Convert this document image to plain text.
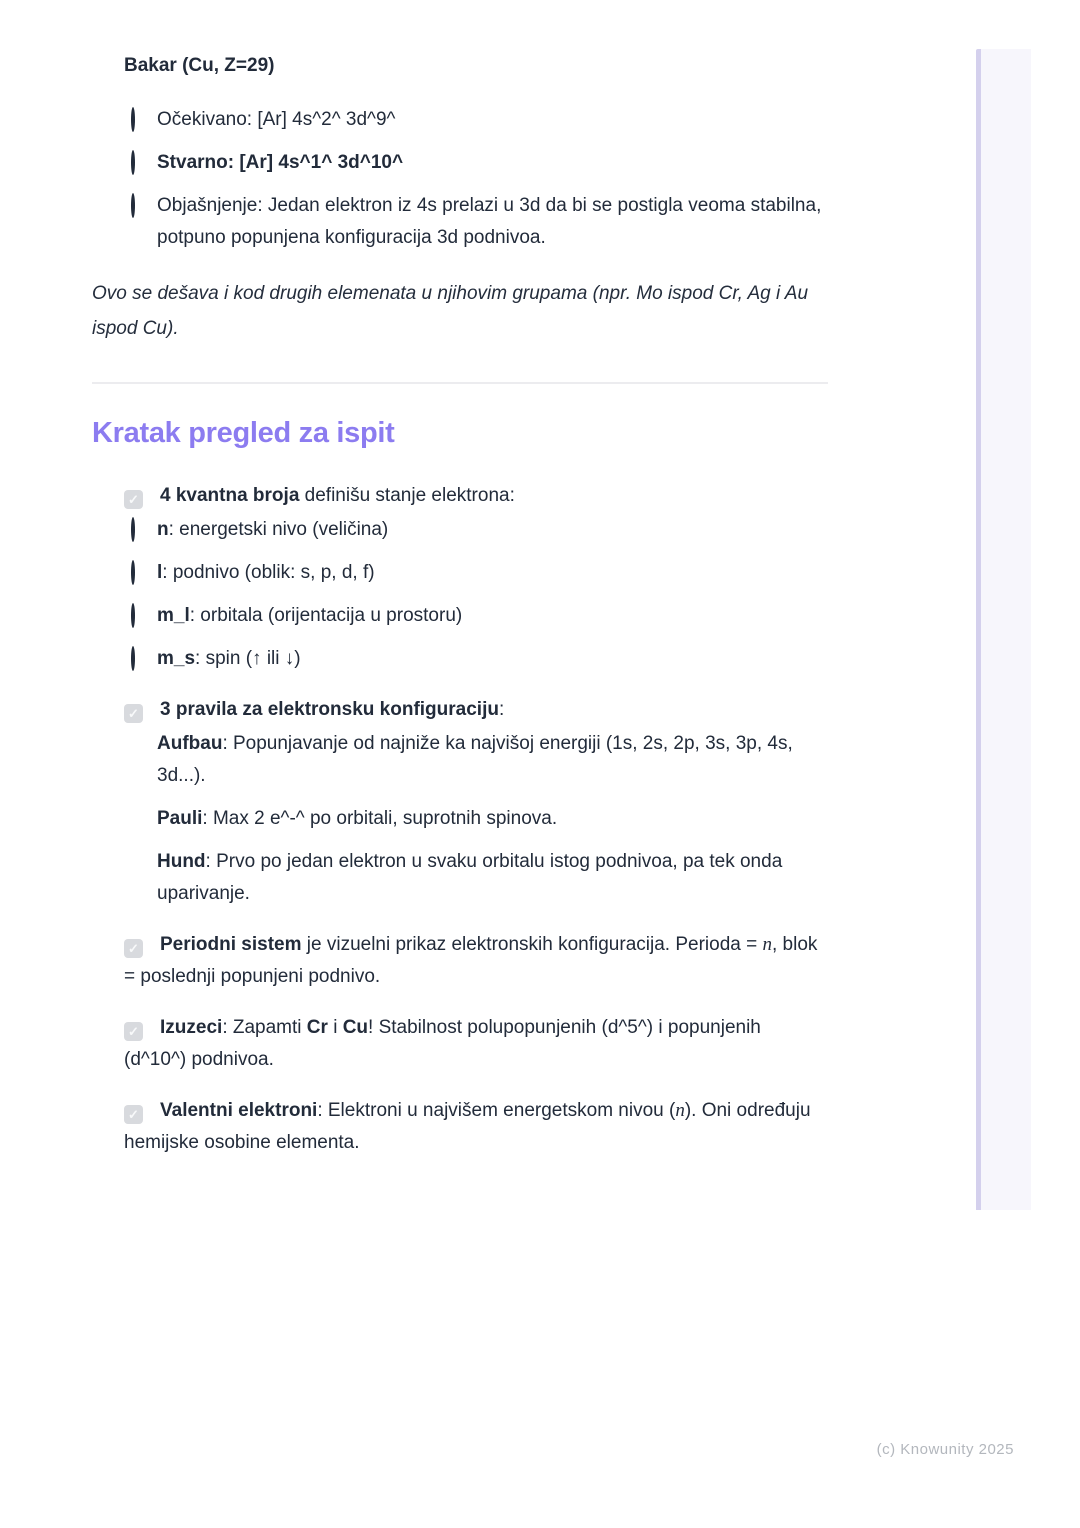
Bakar (Cu, Z=29)
Očekivano: [Ar] 4s^2^ 3d^9^
Stvarno: [Ar] 4s^1^ 3d^10^
Objašnjenje: Jedan elektron iz 4s prelazi u 3d da bi se postigla veoma stabilna, potpuno popunjena konfiguracija 3d podnivoa.

Ovo se dešava i kod drugih elemenata u njihovim grupama (npr. Mo ispod Cr, Ag i Au ispod Cu).

Kratak pregled za ispit
✓ 4 kvantna broja definišu stanje elektrona:
n: energetski nivo (veličina)
l: podnivo (oblik: s, p, d, f)
m_l: orbitala (orijentacija u prostoru)
m_s: spin (↑ ili ↓)
✓ 3 pravila za elektronsku konfiguraciju:
Aufbau: Popunjavanje od najniže ka najvišoj energiji (1s, 2s, 2p, 3s, 3p, 4s, 3d...).
Pauli: Max 2 e^-^ po orbitali, suprotnih spinova.
Hund: Prvo po jedan elektron u svaku orbitalu istog podnivoa, pa tek onda uparivanje.
✓ Periodni sistem je vizuelni prikaz elektronskih konfiguracija. Perioda = n, blok = poslednji popunjeni podnivo.
✓ Izuzeci: Zapamti Cr i Cu! Stabilnost polupopunjenih (d^5^) i popunjenih (d^10^) podnivoa.
✓ Valentni elektroni: Elektroni u najvišem energetskom nivou (n). Oni određuju hemijske osobine elementa.
(c) Knowunity 2025
